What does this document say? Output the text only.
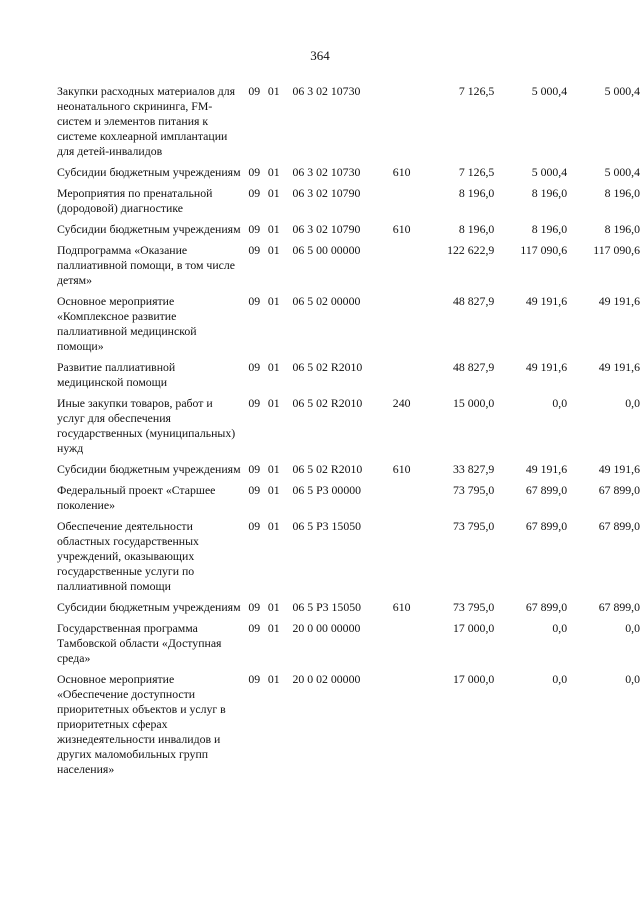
364
Закупки расходных материалов для неонатального скрининга, FM-систем и элементов питания к системе кохлеарной имплантации для детей-инвалидов	09	01	06 3 02 10730		7 126,5	5 000,4	5 000,4
Субсидии бюджетным учреждениям	09	01	06 3 02 10730	610	7 126,5	5 000,4	5 000,4
Мероприятия по пренатальной (дородовой) диагностике	09	01	06 3 02 10790		8 196,0	8 196,0	8 196,0
Субсидии бюджетным учреждениям	09	01	06 3 02 10790	610	8 196,0	8 196,0	8 196,0
Подпрограмма «Оказание паллиативной помощи, в том числе детям»	09	01	06 5 00 00000		122 622,9	117 090,6	117 090,6
Основное мероприятие «Комплексное развитие паллиативной медицинской помощи»	09	01	06 5 02 00000		48 827,9	49 191,6	49 191,6
Развитие паллиативной медицинской помощи	09	01	06 5 02 R2010		48 827,9	49 191,6	49 191,6
Иные закупки товаров, работ и услуг для обеспечения государственных (муниципальных) нужд	09	01	06 5 02 R2010	240	15 000,0	0,0	0,0
Субсидии бюджетным учреждениям	09	01	06 5 02 R2010	610	33 827,9	49 191,6	49 191,6
Федеральный проект «Старшее поколение»	09	01	06 5 P3 00000		73 795,0	67 899,0	67 899,0
Обеспечение деятельности областных государственных учреждений, оказывающих государственные услуги по паллиативной помощи	09	01	06 5 P3 15050		73 795,0	67 899,0	67 899,0
Субсидии бюджетным учреждениям	09	01	06 5 P3 15050	610	73 795,0	67 899,0	67 899,0
Государственная программа Тамбовской области «Доступная среда»	09	01	20 0 00 00000		17 000,0	0,0	0,0
Основное мероприятие «Обеспечение доступности приоритетных объектов и услуг в приоритетных сферах жизнедеятельности инвалидов и других маломобильных групп населения»	09	01	20 0 02 00000		17 000,0	0,0	0,0
